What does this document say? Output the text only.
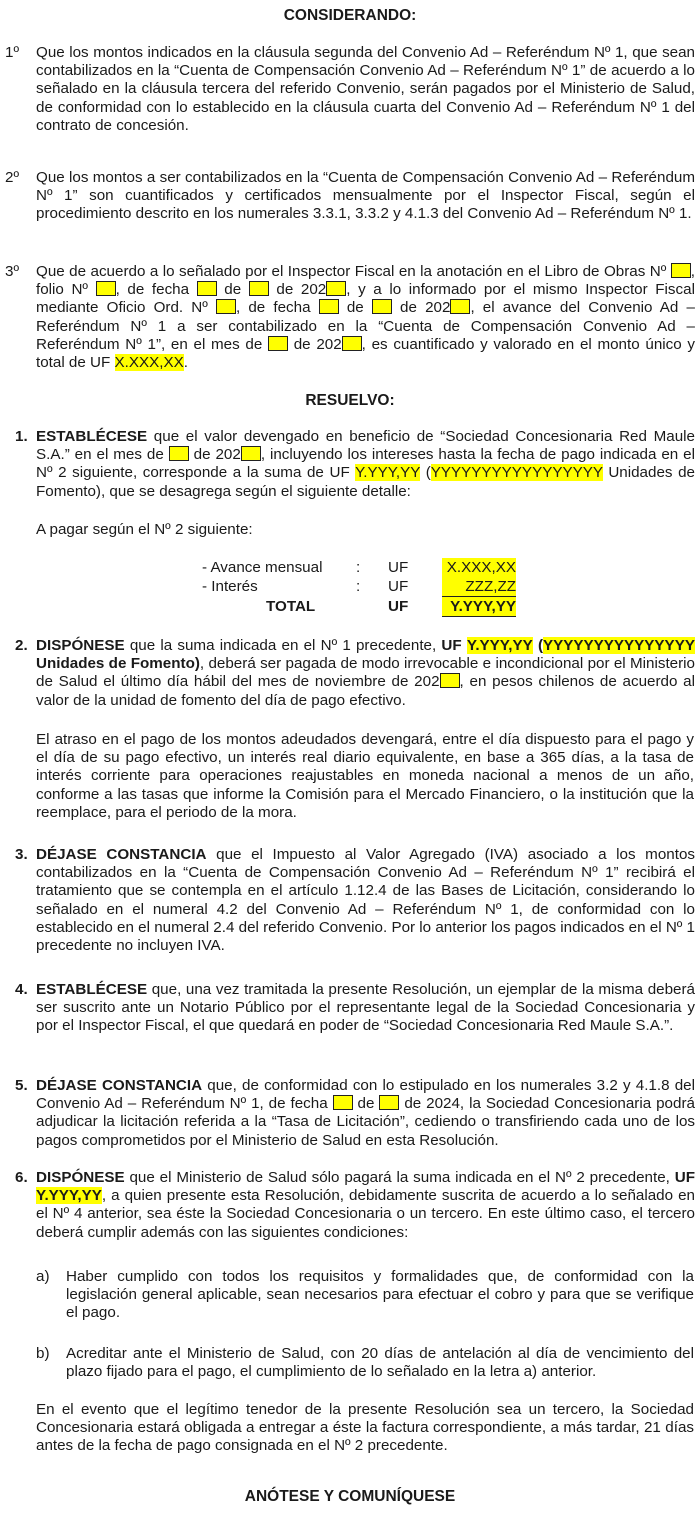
CONSIDERANDO:
1º Que los montos indicados en la cláusula segunda del Convenio Ad – Referéndum Nº 1, que sean contabilizados en la “Cuenta de Compensación Convenio Ad – Referéndum Nº 1” de acuerdo a lo señalado en la cláusula tercera del referido Convenio, serán pagados por el Ministerio de Salud, de conformidad con lo establecido en la cláusula cuarta del Convenio Ad – Referéndum Nº 1 del contrato de concesión.
2º Que los montos a ser contabilizados en la “Cuenta de Compensación Convenio Ad – Referéndum Nº 1” son cuantificados y certificados mensualmente por el Inspector Fiscal, según el procedimiento descrito en los numerales 3.3.1, 3.3.2 y 4.1.3 del Convenio Ad – Referéndum Nº 1.
3º Que de acuerdo a lo señalado por el Inspector Fiscal en la anotación en el Libro de Obras Nº , folio Nº , de fecha de de 202 , y a lo informado por el mismo Inspector Fiscal mediante Oficio Ord. Nº , de fecha de de 202 , el avance del Convenio Ad – Referéndum Nº 1 a ser contabilizado en la “Cuenta de Compensación Convenio Ad – Referéndum Nº 1”, en el mes de de 202 , es cuantificado y valorado en el monto único y total de UF X.XXX,XX.
RESUELVO:
1. ESTABLÉCESE que el valor devengado en beneficio de “Sociedad Concesionaria Red Maule S.A.” en el mes de de 202 , incluyendo los intereses hasta la fecha de pago indicada en el Nº 2 siguiente, corresponde a la suma de UF Y.YYY,YY (YYYYYYYYYYYYYYYYY Unidades de Fomento), que se desagrega según el siguiente detalle:
A pagar según el Nº 2 siguiente:
- Avance mensual : UF	X.XXX,XX
- Interés	: UF	ZZZ,ZZ
TOTAL	UF	Y.YYY,YY
2. DISPÓNESE que la suma indicada en el Nº 1 precedente, UF Y.YYY,YY (YYYYYYYYYYYYYYY Unidades de Fomento), deberá ser pagada de modo irrevocable e incondicional por el Ministerio de Salud el último día hábil del mes de noviembre de 202 , en pesos chilenos de acuerdo al valor de la unidad de fomento del día de pago efectivo.
El atraso en el pago de los montos adeudados devengará, entre el día dispuesto para el pago y el día de su pago efectivo, un interés real diario equivalente, en base a 365 días, a la tasa de interés corriente para operaciones reajustables en moneda nacional a menos de un año, conforme a las tasas que informe la Comisión para el Mercado Financiero, o la institución que la reemplace, para el periodo de la mora.
3. DÉJASE CONSTANCIA que el Impuesto al Valor Agregado (IVA) asociado a los montos contabilizados en la “Cuenta de Compensación Convenio Ad – Referéndum Nº 1” recibirá el tratamiento que se contempla en el artículo 1.12.4 de las Bases de Licitación, considerando lo señalado en el numeral 4.2 del Convenio Ad – Referéndum Nº 1, de conformidad con lo establecido en el numeral 2.4 del referido Convenio. Por lo anterior los pagos indicados en el Nº 1 precedente no incluyen IVA.
4. ESTABLÉCESE que, una vez tramitada la presente Resolución, un ejemplar de la misma deberá ser suscrito ante un Notario Público por el representante legal de la Sociedad Concesionaria y por el Inspector Fiscal, el que quedará en poder de “Sociedad Concesionaria Red Maule S.A.”.
5. DÉJASE CONSTANCIA que, de conformidad con lo estipulado en los numerales 3.2 y 4.1.8 del Convenio Ad – Referéndum Nº 1, de fecha de de 2024, la Sociedad Concesionaria podrá adjudicar la licitación referida a la “Tasa de Licitación”, cediendo o transfiriendo cada uno de los pagos comprometidos por el Ministerio de Salud en esta Resolución.
6. DISPÓNESE que el Ministerio de Salud sólo pagará la suma indicada en el Nº 2 precedente, UF Y.YYY,YY, a quien presente esta Resolución, debidamente suscrita de acuerdo a lo señalado en el Nº 4 anterior, sea éste la Sociedad Concesionaria o un tercero. En este último caso, el tercero deberá cumplir además con las siguientes condiciones:
a) Haber cumplido con todos los requisitos y formalidades que, de conformidad con la legislación general aplicable, sean necesarios para efectuar el cobro y para que se verifique el pago.
b) Acreditar ante el Ministerio de Salud, con 20 días de antelación al día de vencimiento del plazo fijado para el pago, el cumplimiento de lo señalado en la letra a) anterior.
En el evento que el legítimo tenedor de la presente Resolución sea un tercero, la Sociedad Concesionaria estará obligada a entregar a éste la factura correspondiente, a más tardar, 21 días antes de la fecha de pago consignada en el Nº 2 precedente.
ANÓTESE Y COMUNÍQUESE
